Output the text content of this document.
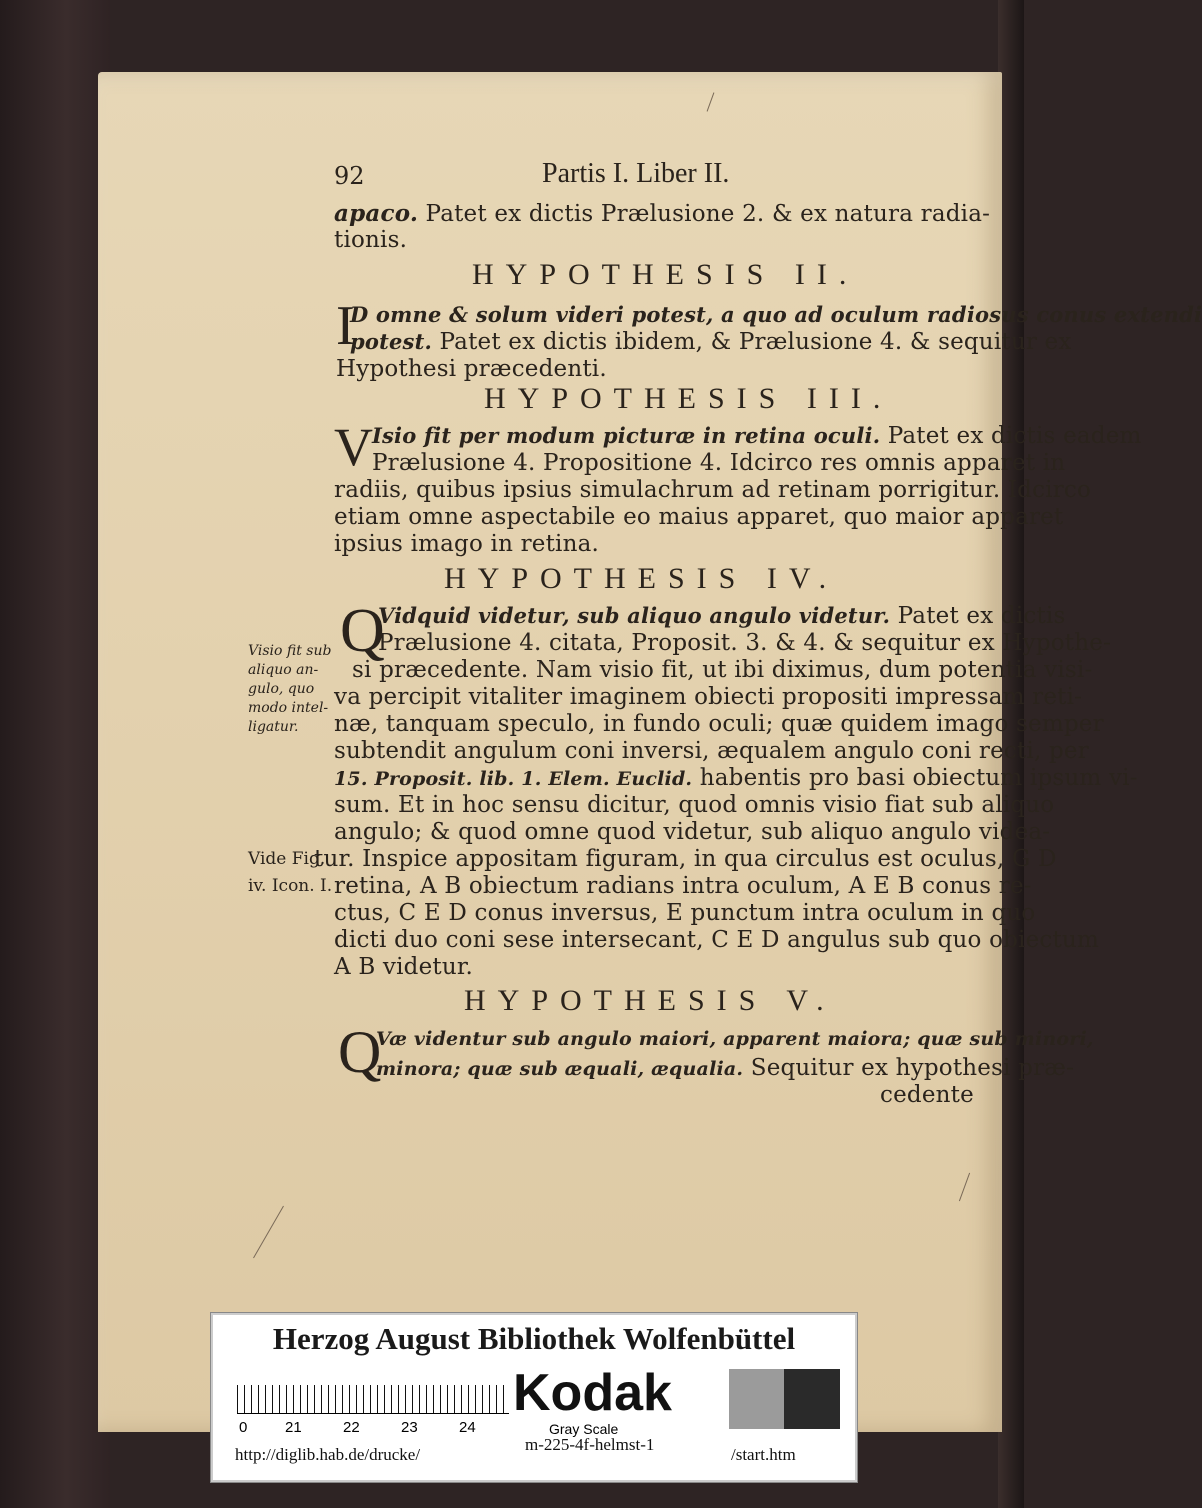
92	Partis I. Liber II.
apaco. Patet ex dictis Prælusione 2. & ex natura radia-
tionis.
HYPOTHESIS II.
I
D omne & solum videri potest, a quo ad oculum radiosus conus extendi
potest. Patet ex dictis ibidem, & Prælusione 4. & sequitur ex
Hypothesi præcedenti.
HYPOTHESIS III.
V Isio fit per modum picturæ in retina oculi. Patet ex dictis eadem
Prælusione 4. Propositione 4. Idcirco res omnis apparet in
radiis, quibus ipsius simulachrum ad retinam porrigitur. Idcirco
etiam omne aspectabile eo maius apparet, quo maior apparet
ipsius imago in retina.
HYPOTHESIS IV.
Q
Vidquid videtur, sub aliquo angulo videtur. Patet ex dictis
Prælusione 4. citata, Proposit. 3. & 4. & sequitur ex Hypothe-
si præcedente. Nam visio fit, ut ibi diximus, dum potentia visi-
va percipit vitaliter imaginem obiecti propositi impressam reti-
næ, tanquam speculo, in fundo oculi; quæ quidem imago semper
subtendit angulum coni inversi, æqualem angulo coni recti, per
15. Proposit. lib. 1. Elem. Euclid. habentis pro basi obiectum ipsum vi-
sum. Et in hoc sensu dicitur, quod omnis visio fiat sub aliquo
angulo; & quod omne quod videtur, sub aliquo angulo videa-
tur. Inspice appositam figuram, in qua circulus est oculus, G D
retina, A B obiectum radians intra oculum, A E B conus re-
ctus, C E D conus inversus, E punctum intra oculum in quo
dicti duo coni sese intersecant, C E D angulus sub quo obiectum
A B videtur.
HYPOTHESIS V.
Q
Væ videntur sub angulo maiori, apparent maiora; quæ sub minori,
minora; quæ sub æquali, æqualia. Sequitur ex hypothesi præ-
cedente
Visio fit sub
aliquo an-
gulo, quo
modo intel-
ligatur.
Vide Fig.
iv. Icon. I.
Herzog August Bibliothek Wolfenbüttel
0	21	22	23	24
Kodak
Gray Scale
http://diglib.hab.de/drucke/
m-225-4f-helmst-1
/start.htm
